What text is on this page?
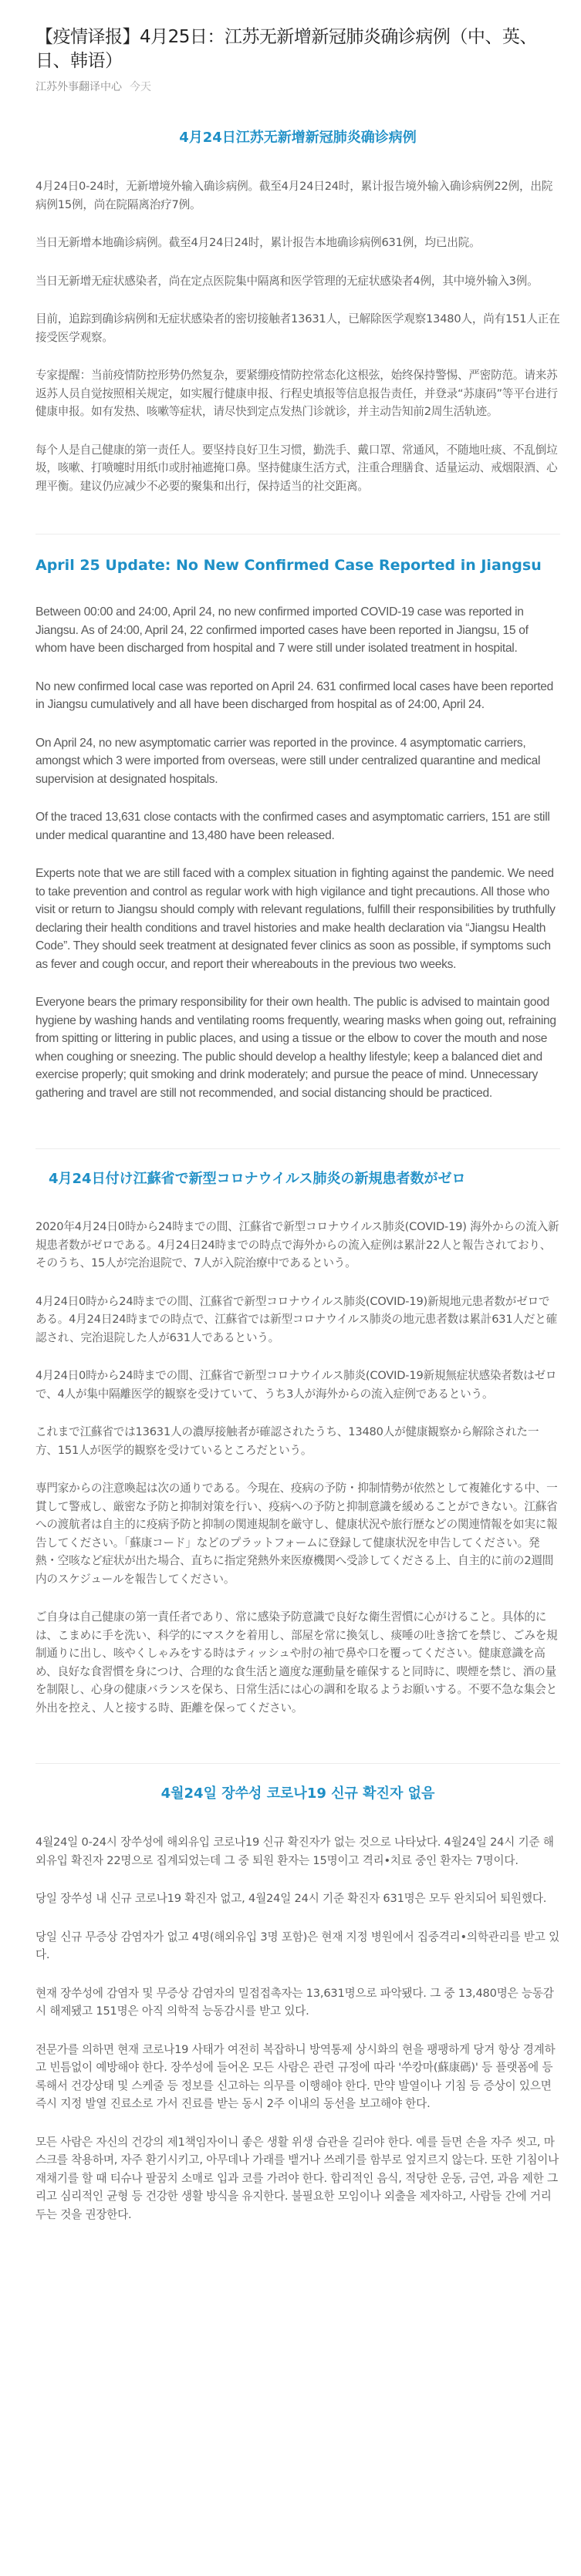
【疫情译报】4月25日：江苏无新增新冠肺炎确诊病例（中、英、日、韩语）
江苏外事翻译中心 今天
4月24日江苏无新增新冠肺炎确诊病例

4月24日0-24时，无新增境外输入确诊病例。截至4月24日24时，累计报告境外输入确诊病例22例，出院病例15例，尚在院隔离治疗7例。

当日无新增本地确诊病例。截至4月24日24时，累计报告本地确诊病例631例，均已出院。

当日无新增无症状感染者，尚在定点医院集中隔离和医学管理的无症状感染者4例，其中境外输入3例。

目前，追踪到确诊病例和无症状感染者的密切接触者13631人，已解除医学观察13480人，尚有151人正在接受医学观察。

专家提醒：当前疫情防控形势仍然复杂，要紧绷疫情防控常态化这根弦，始终保持警惕、严密防范。请来苏返苏人员自觉按照相关规定，如实履行健康申报、行程史填报等信息报告责任，并登录“苏康码”等平台进行健康申报。如有发热、咳嗽等症状，请尽快到定点发热门诊就诊，并主动告知前2周生活轨迹。

每个人是自己健康的第一责任人。要坚持良好卫生习惯，勤洗手、戴口罩、常通风，不随地吐痰、不乱倒垃圾，咳嗽、打喷嚏时用纸巾或肘袖遮掩口鼻。坚持健康生活方式，注重合理膳食、适量运动、戒烟限酒、心理平衡。建议仍应减少不必要的聚集和出行，保持适当的社交距离。

April 25 Update: No New Confirmed Case Reported in Jiangsu

Between 00:00 and 24:00, April 24, no new confirmed imported COVID-19 case was reported in Jiangsu. As of 24:00, April 24, 22 confirmed imported cases have been reported in Jiangsu, 15 of whom have been discharged from hospital and 7 were still under isolated treatment in hospital.

No new confirmed local case was reported on April 24. 631 confirmed local cases have been reported in Jiangsu cumulatively and all have been discharged from hospital as of 24:00, April 24.

On April 24, no new asymptomatic carrier was reported in the province. 4 asymptomatic carriers, amongst which 3 were imported from overseas, were still under centralized quarantine and medical supervision at designated hospitals.

Of the traced 13,631 close contacts with the confirmed cases and asymptomatic carriers, 151 are still under medical quarantine and 13,480 have been released.

Experts note that we are still faced with a complex situation in fighting against the pandemic. We need to take prevention and control as regular work with high vigilance and tight precautions. All those who visit or return to Jiangsu should comply with relevant regulations, fulfill their responsibilities by truthfully declaring their health conditions and travel histories and make health declaration via “Jiangsu Health Code”. They should seek treatment at designated fever clinics as soon as possible, if symptoms such as fever and cough occur, and report their whereabouts in the previous two weeks.

Everyone bears the primary responsibility for their own health. The public is advised to maintain good hygiene by washing hands and ventilating rooms frequently, wearing masks when going out, refraining from spitting or littering in public places, and using a tissue or the elbow to cover the mouth and nose when coughing or sneezing. The public should develop a healthy lifestyle; keep a balanced diet and exercise properly; quit smoking and drink moderately; and pursue the peace of mind. Unnecessary gathering and travel are still not recommended, and social distancing should be practiced.

4月24日付け江蘇省で新型コロナウイルス肺炎の新規患者数がゼロ

2020年4月24日0時から24時までの間、江蘇省で新型コロナウイルス肺炎(COVID-19) 海外からの流入新規患者数がゼロである。4月24日24時までの時点で海外からの流入症例は累計22人と報告されており、そのうち、15人が完治退院で、7人が入院治療中であるという。

4月24日0時から24時までの間、江蘇省で新型コロナウイルス肺炎(COVID-19)新規地元患者数がゼロである。4月24日24時までの時点で、江蘇省では新型コロナウイルス肺炎の地元患者数は累計631人だと確認され、完治退院した人が631人であるという。

4月24日0時から24時までの間、江蘇省で新型コロナウイルス肺炎(COVID-19新規無症状感染者数はゼロで、4人が集中隔離医学的観察を受けていて、うち3人が海外からの流入症例であるという。

これまで江蘇省では13631人の濃厚接触者が確認されたうち、13480人が健康観察から解除された一方、151人が医学的観察を受けているところだという。

専門家からの注意喚起は次の通りである。今現在、疫病の予防・抑制情勢が依然として複雑化する中、一貫して警戒し、厳密な予防と抑制対策を行い、疫病への予防と抑制意識を緩めることができない。江蘇省への渡航者は自主的に疫病予防と抑制の関連規制を厳守し、健康状況や旅行歴などの関連情報を如実に報告してください。「蘇康コード」などのプラットフォームに登録して健康状況を申告してください。発熱・空咳など症状が出た場合、直ちに指定発熱外来医療機関へ受診してくださる上、自主的に前の2週間内のスケジュールを報告してください。

ご自身は自己健康の第一責任者であり、常に感染予防意識で良好な衛生習慣に心がけること。具体的には、こまめに手を洗い、科学的にマスクを着用し、部屋を常に換気し、痰唾の吐き捨てを禁じ、ごみを規制通りに出し、咳やくしゃみをする時はティッシュや肘の袖で鼻や口を覆ってください。健康意識を高め、良好な食習慣を身につけ、合理的な食生活と適度な運動量を確保すると同時に、喫煙を禁じ、酒の量を制限し、心身の健康バランスを保ち、日常生活には心の調和を取るようお願いする。不要不急な集会と外出を控え、人と接する時、距離を保ってください。

4월24일 장쑤성 코로나19 신규 확진자 없음

4월24일 0-24시 장쑤성에 해외유입 코로나19 신규 확진자가 없는 것으로 나타났다. 4월24일 24시 기준 해외유입 확진자 22명으로 집계되었는데 그 중 퇴원 환자는 15명이고 격리•치료 중인 환자는 7명이다.

당일 장쑤성 내 신규 코로나19 확진자 없고, 4월24일 24시 기준 확진자 631명은 모두 완치되어 퇴원했다.

당일 신규 무증상 감염자가 없고 4명(해외유입 3명 포함)은 현재 지정 병원에서 집중격리•의학관리를 받고 있다.

현재 장쑤성에 감염자 및 무증상 감염자의 밀접접촉자는 13,631명으로 파악됐다. 그 중 13,480명은 능동감시 해제됐고 151명은 아직 의학적 능동감시를 받고 있다.

전문가를 의하면 현재 코로나19 사태가 여전히 복잡하니 방역통제 상시화의 현을 팽팽하게 당겨 항상 경계하고 빈틈없이 예방해야 한다. 장쑤성에 들어온 모든 사람은 관련 규정에 따라 '쑤캉마(蘇康碼)' 등 플랫폼에 등록해서 건강상태 및 스케줄 등 정보를 신고하는 의무를 이행해야 한다. 만약 발열이나 기침 등 증상이 있으면 즉시 지정 발열 진료소로 가서 진료를 받는 동시 2주 이내의 동선을 보고해야 한다.

모든 사람은 자신의 건강의 제1책임자이니 좋은 생활 위생 습관을 길러야 한다. 예를 들면 손을 자주 씻고, 마스크를 착용하며, 자주 환기시키고, 아무데나 가래를 뱉거나 쓰레기를 함부로 엎지르지 않는다. 또한 기침이나 재채기를 할 때 티슈나 팔꿈치 소매로 입과 코를 가려야 한다. 합리적인 음식, 적당한 운동, 금연, 과음 제한 그리고 심리적인 균형 등 건강한 생활 방식을 유지한다. 불필요한 모임이나 외출을 제자하고, 사람들 간에 거리 두는 것을 권장한다.
